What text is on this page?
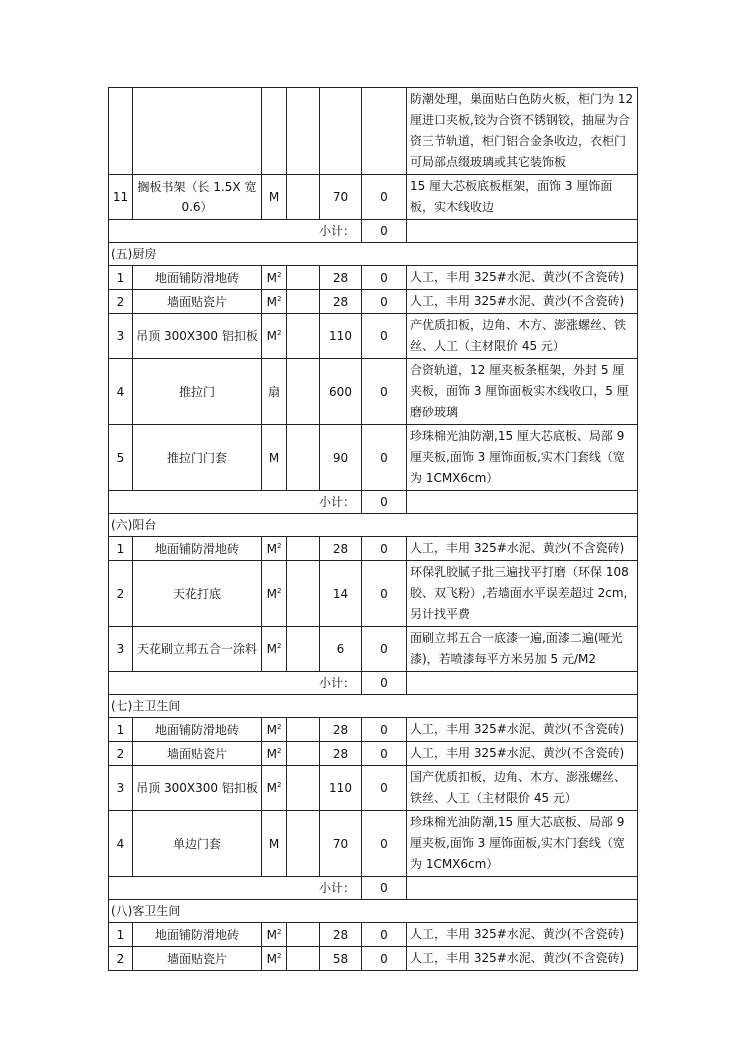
						防潮处理，巣面贴白色防火板，柜门为 12 厘进口夹板,铰为合资不锈钢铰，抽屉为合资三节轨道，柜门铝合金条收边，衣柜门可局部点缀玻璃或其它装饰板
11	搁板书架（长 1.5X 宽 0.6）	M		70	0	15 厘大芯板底板框架，面饰 3 厘饰面板，实木线收边
小计：					0	
(五)厨房						
1	地面铺防滑地砖	$M^2$		28	0	人工，丰用 325#水泥、黄沙(不含瓷砖)
2	墙面贴瓷片	$M^2$		28	0	人工，丰用 325#水泥、黄沙(不含瓷砖)
3	吊顶 300X300 铝扣板	$M^2$		110	0	产优质扣板，边角、木方、澎涨螺丝、铁丝、人工（主材限价 45 元）
4	推拉门	扇		600	0	合资轨道，12 厘夹板条框架，外封 5 厘夹板，面饰 3 厘饰面板实木线收口，5 厘磨砂玻璃
5	推拉门门套	M		90	0	珍珠棉光油防潮,15 厘大芯底板、局部 9 厘夹板,面饰 3 厘饰面板,实木门套线（宽为 1CMX6cm）
小计：					0	
(六)阳台						
1	地面铺防滑地砖	$M^2$		28	0	人工，丰用 325#水泥、黄沙(不含瓷砖)
2	天花打底	$M^2$		14	0	环保乳胶腻子批三遍找平打磨（环保 108 胶、双飞粉）,若墙面水平误差超过 2cm,另计找平费
3	天花刷立邦五合一涂料	$M^2$		6	0	面刷立邦五合一底漆一遍,面漆二遍(哑光漆)，若喷漆每平方米另加 5 元/M2
小计：					0	
(七)主卫生间						
1	地面铺防滑地砖	$M^2$		28	0	人工，丰用 325#水泥、黄沙(不含瓷砖)
2	墙面贴瓷片	$M^2$		28	0	人工，丰用 325#水泥、黄沙(不含瓷砖)
3	吊顶 300X300 铝扣板	$M^2$		110	0	国产优质扣板，边角、木方、澎涨螺丝、铁丝、人工（主材限价 45 元）
4	单边门套	M		70	0	珍珠棉光油防潮,15 厘大芯底板、局部 9 厘夹板,面饰 3 厘饰面板,实木门套线（宽为 1CMX6cm）
小计：					0	
(八)客卫生间						
1	地面铺防滑地砖	$M^2$		28	0	人工，丰用 325#水泥、黄沙(不含瓷砖)
2	墙面贴瓷片	$M^2$		58	0	人工，丰用 325#水泥、黄沙(不含瓷砖)
